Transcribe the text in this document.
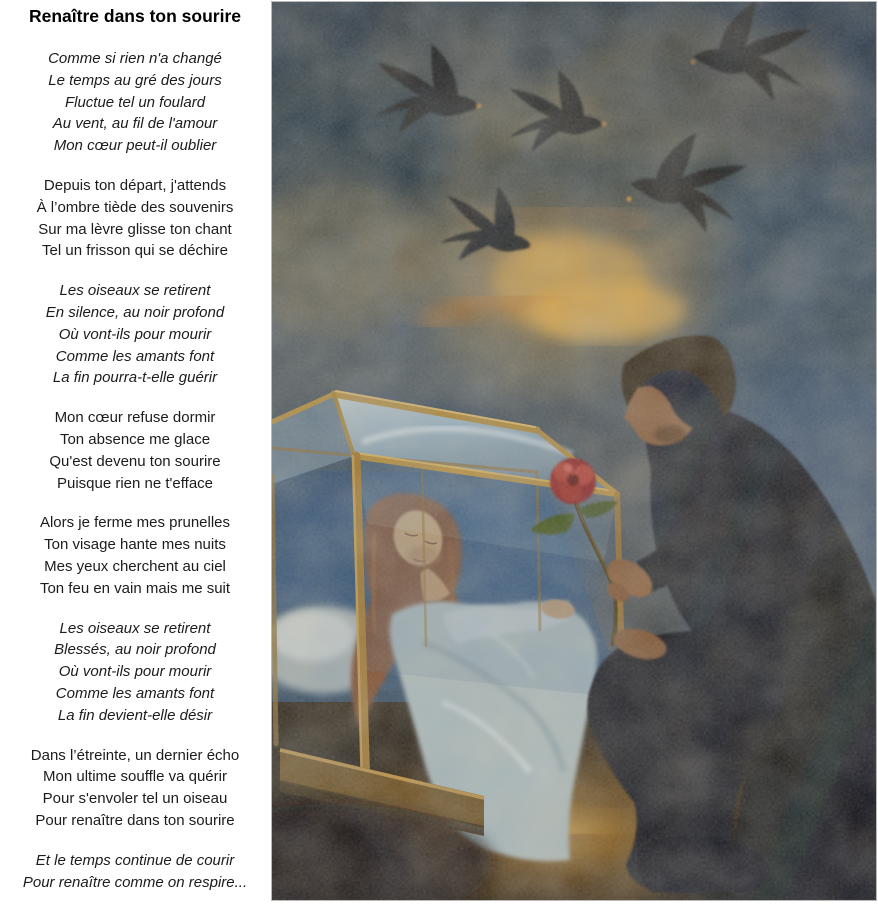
Renaître dans ton sourire
Comme si rien n'a changé
Le temps au gré des jours
Fluctue tel un foulard
Au vent, au fil de l'amour
Mon cœur peut-il oublier
Depuis ton départ, j'attends
À l’ombre tiède des souvenirs
Sur ma lèvre glisse ton chant
Tel un frisson qui se déchire
Les oiseaux se retirent
En silence, au noir profond
Où vont-ils pour mourir
Comme les amants font
La fin pourra-t-elle guérir
Mon cœur refuse dormir
Ton absence me glace
Qu'est devenu ton sourire
Puisque rien ne t'efface
Alors je ferme mes prunelles
Ton visage hante mes nuits
Mes yeux cherchent au ciel
Ton feu en vain mais me suit
Les oiseaux se retirent
Blessés, au noir profond
Où vont-ils pour mourir
Comme les amants font
La fin devient-elle désir
Dans l’étreinte, un dernier écho
Mon ultime souffle va quérir
Pour s'envoler tel un oiseau
Pour renaître dans ton sourire
Et le temps continue de courir
Pour renaître comme on respire...
